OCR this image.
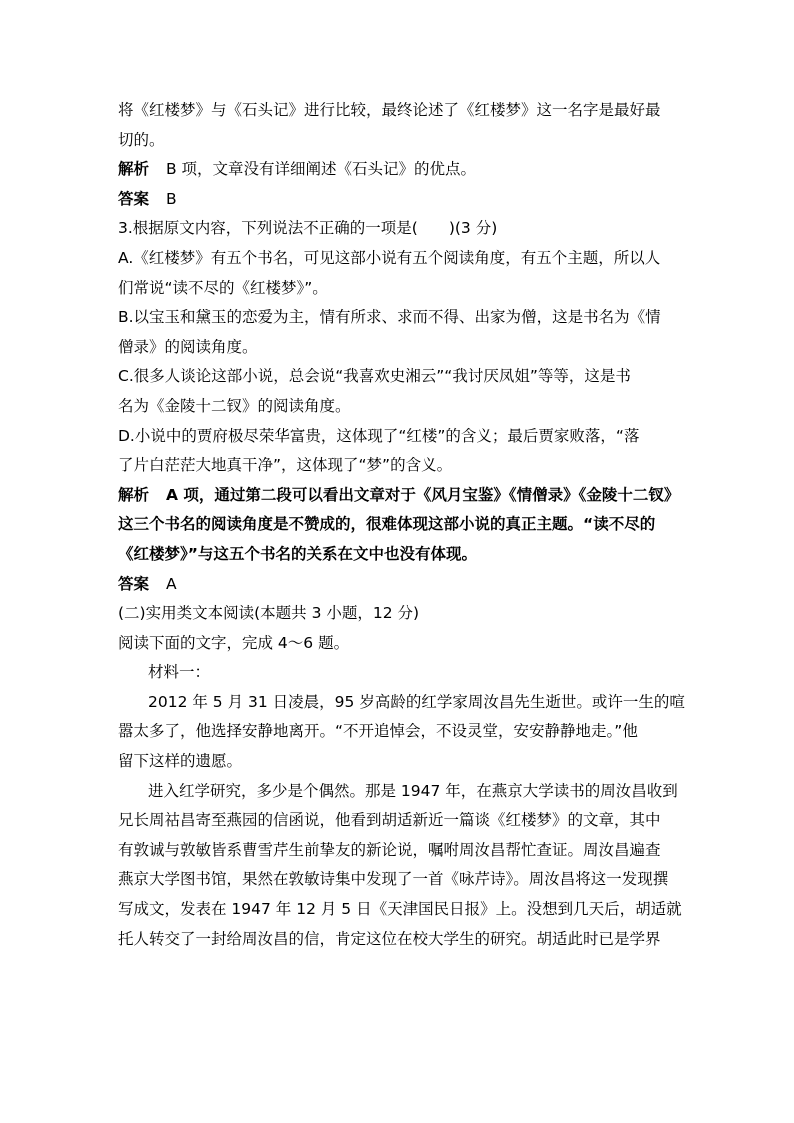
将《红楼梦》与《石头记》进行比较，最终论述了《红楼梦》这一名字是最好最
切的。
解析 B 项，文章没有详细阐述《石头记》的优点。
答案 B
3.根据原文内容，下列说法不正确的一项是(　　)(3 分)
A.《红楼梦》有五个书名，可见这部小说有五个阅读角度，有五个主题，所以人
们常说“读不尽的《红楼梦》”。
B.以宝玉和黛玉的恋爱为主，情有所求、求而不得、出家为僧，这是书名为《情
僧录》的阅读角度。
C.很多人谈论这部小说，总会说“我喜欢史湘云”“我讨厌凤姐”等等，这是书
名为《金陵十二钗》的阅读角度。
D.小说中的贾府极尽荣华富贵，这体现了“红楼”的含义；最后贾家败落，“落
了片白茫茫大地真干净”，这体现了“梦”的含义。
解析 A 项，通过第二段可以看出文章对于《风月宝鉴》《情僧录》《金陵十二钗》
这三个书名的阅读角度是不赞成的，很难体现这部小说的真正主题。“读不尽的
《红楼梦》”与这五个书名的关系在文中也没有体现。
答案 A
(二)实用类文本阅读(本题共 3 小题，12 分)
阅读下面的文字，完成 4～6 题。
材料一：
2012 年 5 月 31 日凌晨，95 岁高龄的红学家周汝昌先生逝世。或许一生的喧
嚣太多了，他选择安静地离开。“不开追悼会，不设灵堂，安安静静地走。”他
留下这样的遗愿。
进入红学研究，多少是个偶然。那是 1947 年，在燕京大学读书的周汝昌收到
兄长周祜昌寄至燕园的信函说，他看到胡适新近一篇谈《红楼梦》的文章，其中
有敦诚与敦敏皆系曹雪芹生前挚友的新论说，嘱咐周汝昌帮忙查证。周汝昌遍查
燕京大学图书馆，果然在敦敏诗集中发现了一首《咏芹诗》。周汝昌将这一发现撰
写成文，发表在 1947 年 12 月 5 日《天津国民日报》上。没想到几天后，胡适就
托人转交了一封给周汝昌的信，肯定这位在校大学生的研究。胡适此时已是学界
